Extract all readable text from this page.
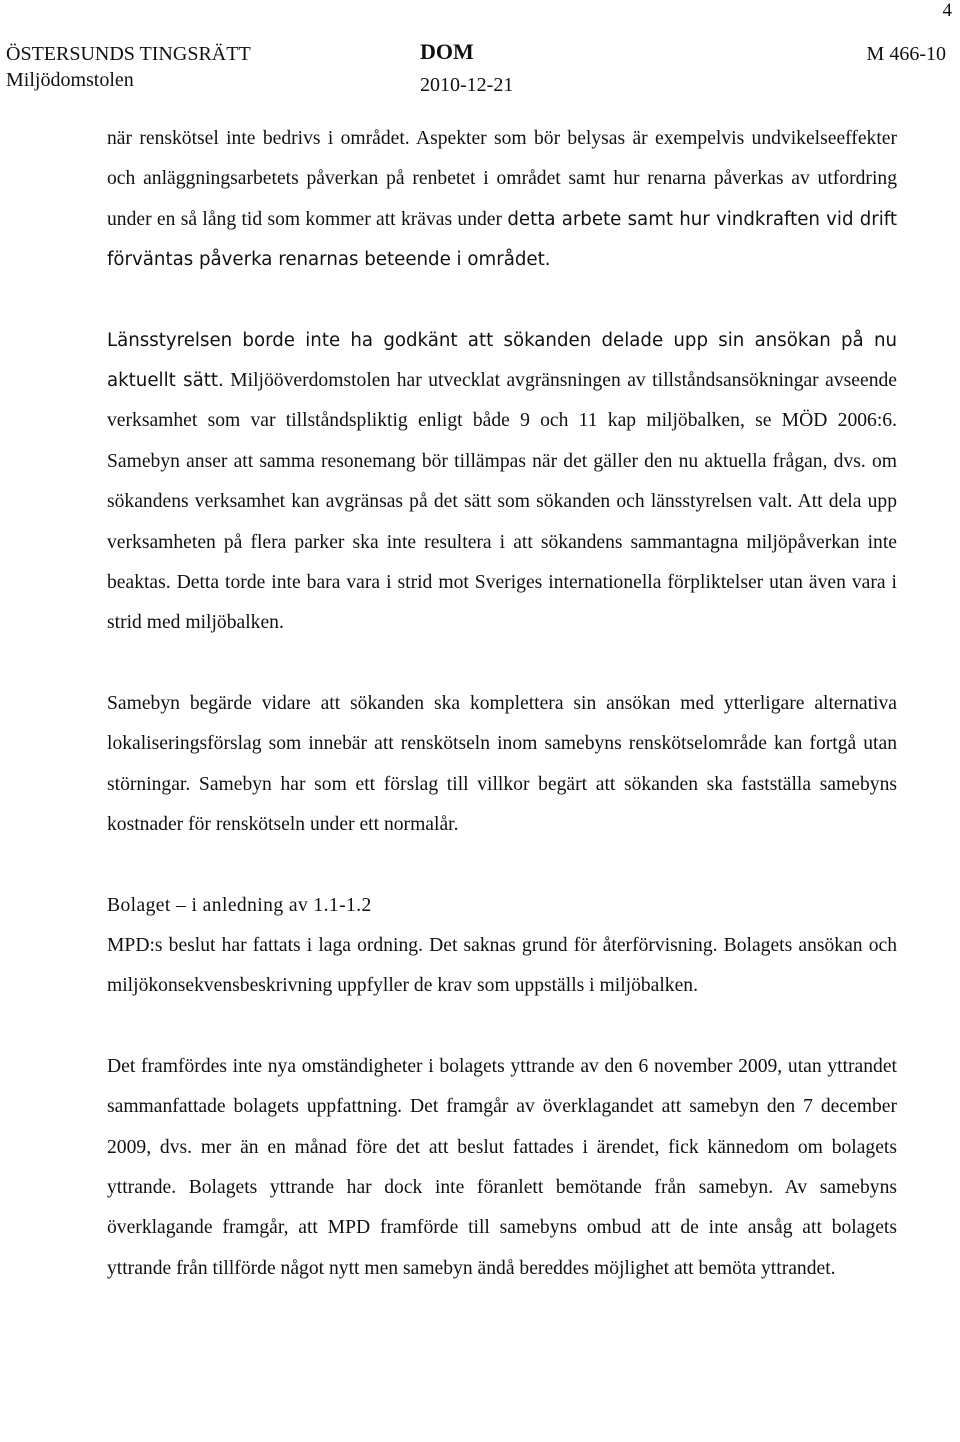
4
ÖSTERSUNDS TINGSRÄTT
Miljödomstolen
DOM
2010-12-21
M 466-10

när renskötsel inte bedrivs i området. Aspekter som bör belysas är exempelvis undvikelseeffekter och anläggningsarbetets påverkan på renbetet i området samt hur renarna påverkas av utfordring under en så lång tid som kommer att krävas under detta arbete samt hur vindkraften vid drift förväntas påverka renarnas beteende i området.

Länsstyrelsen borde inte ha godkänt att sökanden delade upp sin ansökan på nu aktuellt sätt. Miljööverdomstolen har utvecklat avgränsningen av tillståndsansökningar avseende verksamhet som var tillståndspliktig enligt både 9 och 11 kap miljöbalken, se MÖD 2006:6. Samebyn anser att samma resonemang bör tillämpas när det gäller den nu aktuella frågan, dvs. om sökandens verksamhet kan avgränsas på det sätt som sökanden och länsstyrelsen valt. Att dela upp verksamheten på flera parker ska inte resultera i att sökandens sammantagna miljöpåverkan inte beaktas. Detta torde inte bara vara i strid mot Sveriges internationella förpliktelser utan även vara i strid med miljöbalken.

Samebyn begärde vidare att sökanden ska komplettera sin ansökan med ytterligare alternativa lokaliseringsförslag som innebär att renskötseln inom samebyns renskötselområde kan fortgå utan störningar. Samebyn har som ett förslag till villkor begärt att sökanden ska fastställa samebyns kostnader för renskötseln under ett normalår.

Bolaget – i anledning av 1.1-1.2

MPD:s beslut har fattats i laga ordning. Det saknas grund för återförvisning. Bolagets ansökan och miljökonsekvensbeskrivning uppfyller de krav som uppställs i miljöbalken.

Det framfördes inte nya omständigheter i bolagets yttrande av den 6 november 2009, utan yttrandet sammanfattade bolagets uppfattning. Det framgår av överklagandet att samebyn den 7 december 2009, dvs. mer än en månad före det att beslut fattades i ärendet, fick kännedom om bolagets yttrande. Bolagets yttrande har dock inte föranlett bemötande från samebyn. Av samebyns överklagande framgår, att MPD framförde till samebyns ombud att de inte ansåg att bolagets yttrande från tillförde något nytt men samebyn ändå bereddes möjlighet att bemöta yttrandet.
